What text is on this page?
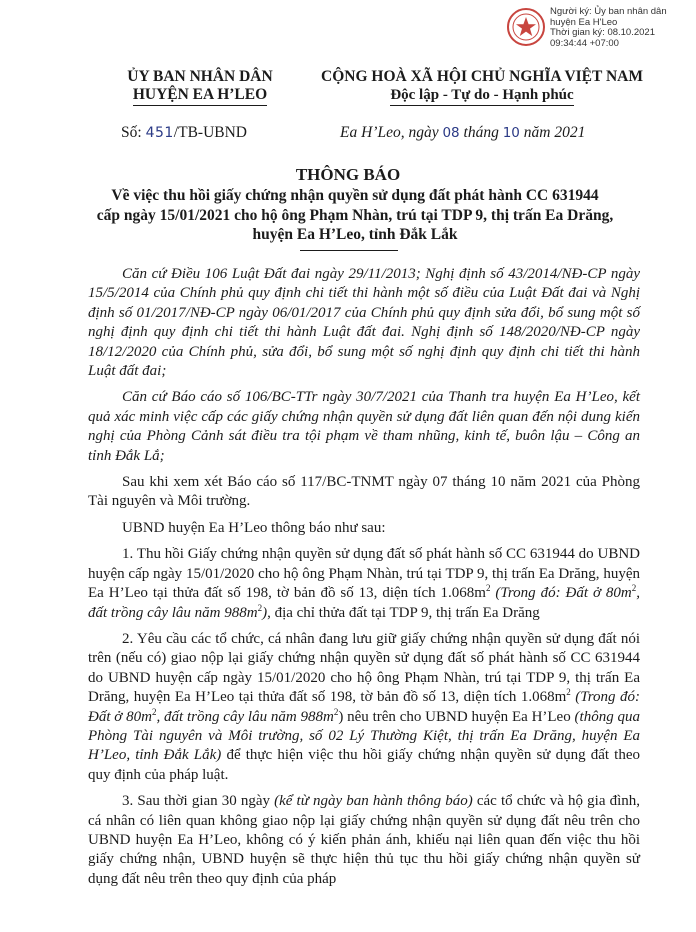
Người ký: Ủy ban nhân dân
huyện Ea H'Leo
Thời gian ký: 08.10.2021
09:34:44 +07:00
ỦY BAN NHÂN DÂN
HUYỆN EA H’LEO
CỘNG HOÀ XÃ HỘI CHỦ NGHĨA VIỆT NAM
Độc lập - Tự do - Hạnh phúc
Số: 451/TB-UBND	Ea H’Leo, ngày 08 tháng 10 năm 2021
THÔNG BÁO
Về việc thu hồi giấy chứng nhận quyền sử dụng đất phát hành CC 631944
cấp ngày 15/01/2021 cho hộ ông Phạm Nhàn, trú tại TDP 9, thị trấn Ea Drăng,
huyện Ea H’Leo, tỉnh Đắk Lắk

Căn cứ Điều 106 Luật Đất đai ngày 29/11/2013; Nghị định số 43/2014/NĐ-CP ngày 15/5/2014 của Chính phủ quy định chi tiết thi hành một số điều của Luật Đất đai và Nghị định số 01/2017/NĐ-CP ngày 06/01/2017 của Chính phủ quy định sửa đổi, bổ sung một số nghị định quy định chi tiết thi hành Luật đất đai. Nghị định số 148/2020/NĐ-CP ngày 18/12/2020 của Chính phủ, sửa đổi, bổ sung một số nghị định quy định chi tiết thi hành Luật đất đai;

Căn cứ Báo cáo số 106/BC-TTr ngày 30/7/2021 của Thanh tra huyện Ea H’Leo, kết quả xác minh việc cấp các giấy chứng nhận quyền sử dụng đất liên quan đến nội dung kiến nghị của Phòng Cảnh sát điều tra tội phạm về tham nhũng, kinh tế, buôn lậu – Công an tỉnh Đắk Lắ;

Sau khi xem xét Báo cáo số 117/BC-TNMT ngày 07 tháng 10 năm 2021 của Phòng Tài nguyên và Môi trường.

UBND huyện Ea H’Leo thông báo như sau:

1. Thu hồi Giấy chứng nhận quyền sử dụng đất số phát hành số CC 631944 do UBND huyện cấp ngày 15/01/2020 cho hộ ông Phạm Nhàn, trú tại TDP 9, thị trấn Ea Drăng, huyện Ea H’Leo tại thửa đất số 198, tờ bản đồ số 13, diện tích $1.068m^2$ (Trong đó: Đất ở $80m^2$, đất trồng cây lâu năm $988m^2$), địa chỉ thửa đất tại TDP 9, thị trấn Ea Drăng

2. Yêu cầu các tổ chức, cá nhân đang lưu giữ giấy chứng nhận quyền sử dụng đất nói trên (nếu có) giao nộp lại giấy chứng nhận quyền sử dụng đất số phát hành số CC 631944 do UBND huyện cấp ngày 15/01/2020 cho hộ ông Phạm Nhàn, trú tại TDP 9, thị trấn Ea Drăng, huyện Ea H’Leo tại thửa đất số 198, tờ bản đồ số 13, diện tích $1.068m^2$ (Trong đó: Đất ở $80m^2$, đất trồng cây lâu năm $988m^2$) nêu trên cho UBND huyện Ea H’Leo (thông qua Phòng Tài nguyên và Môi trường, số 02 Lý Thường Kiệt, thị trấn Ea Drăng, huyện Ea H’Leo, tỉnh Đắk Lắk) để thực hiện việc thu hồi giấy chứng nhận quyền sử dụng đất theo quy định của pháp luật.

3. Sau thời gian 30 ngày (kể từ ngày ban hành thông báo) các tổ chức và hộ gia đình, cá nhân có liên quan không giao nộp lại giấy chứng nhận quyền sử dụng đất nêu trên cho UBND huyện Ea H’Leo, không có ý kiến phản ánh, khiếu nại liên quan đến việc thu hồi giấy chứng nhận, UBND huyện sẽ thực hiện thủ tục thu hồi giấy chứng nhận quyền sử dụng đất nêu trên theo quy định của pháp
